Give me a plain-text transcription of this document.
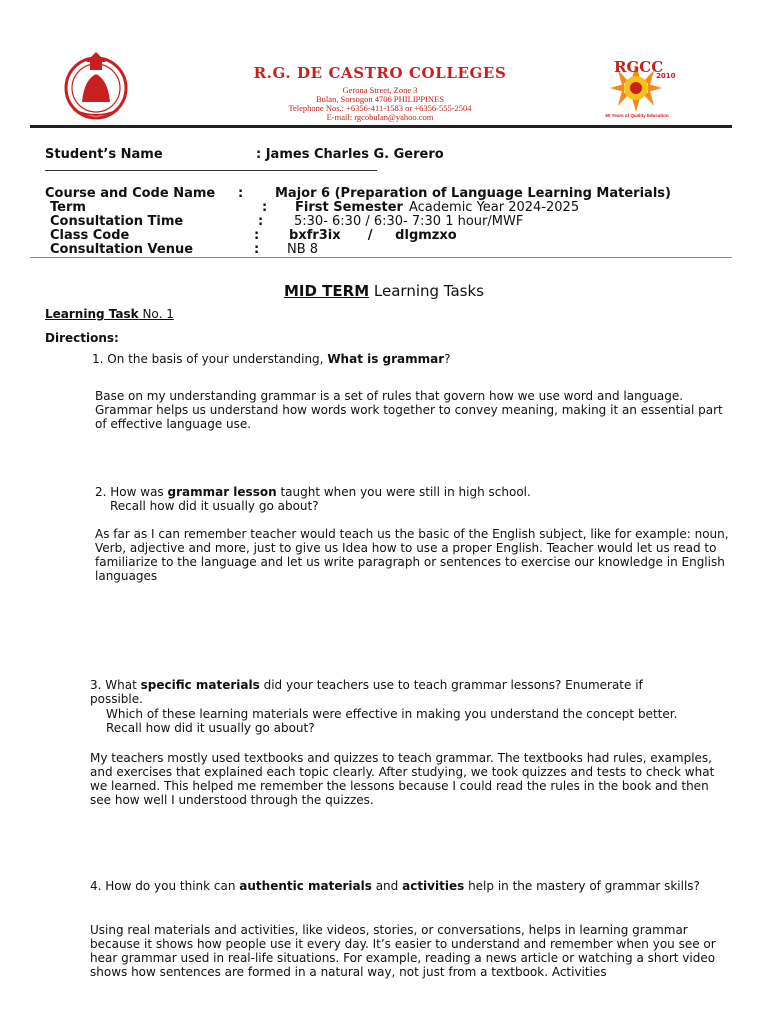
R.G. DE CASTRO COLLEGES
Gerona Street, Zone 3
Bulan, Sorsogon 4706 PHILIPPINES
Telephone Nos.: +6356-411-1583 or +6356-555-2504
E-mail: rgcobulan@yahoo.com
RGCC
2010
60 Years of Quality Education
Student’s Name	: James Charles G. Gerero
Course and Code Name : Major 6 (Preparation of Language Learning Materials)
Term	: First Semester Academic Year 2024-2025
Consultation Time	: 5:30- 6:30 / 6:30- 7:30 1 hour/MWF
Class Code	: bxfr3ix      /     dlgmzxo
Consultation Venue	: NB 8
MID TERM Learning Tasks
Learning Task No. 1
Directions:

1. On the basis of your understanding, What is grammar?

Base on my understanding grammar is a set of rules that govern how we use word and language. Grammar helps us understand how words work together to convey meaning, making it an essential part of effective language use.

2. How was grammar lesson taught when you were still in high school.

Recall how did it usually go about?

As far as I can remember teacher would teach us the basic of the English subject, like for example: noun, Verb, adjective and more, just to give us Idea how to use a proper English. Teacher would let us read to familiarize to the language and let us write paragraph or sentences to exercise our knowledge in English languages

3. What specific materials did your teachers use to teach grammar lessons? Enumerate if possible.

Which of these learning materials were effective in making you understand the concept better.

Recall how did it usually go about?

My teachers mostly used textbooks and quizzes to teach grammar. The textbooks had rules, examples, and exercises that explained each topic clearly. After studying, we took quizzes and tests to check what we learned. This helped me remember the lessons because I could read the rules in the book and then see how well I understood through the quizzes.

4. How do you think can authentic materials and activities help in the mastery of grammar skills?

Using real materials and activities, like videos, stories, or conversations, helps in learning grammar because it shows how people use it every day. It’s easier to understand and remember when you see or hear grammar used in real-life situations. For example, reading a news article or watching a short video shows how sentences are formed in a natural way, not just from a textbook. Activities
